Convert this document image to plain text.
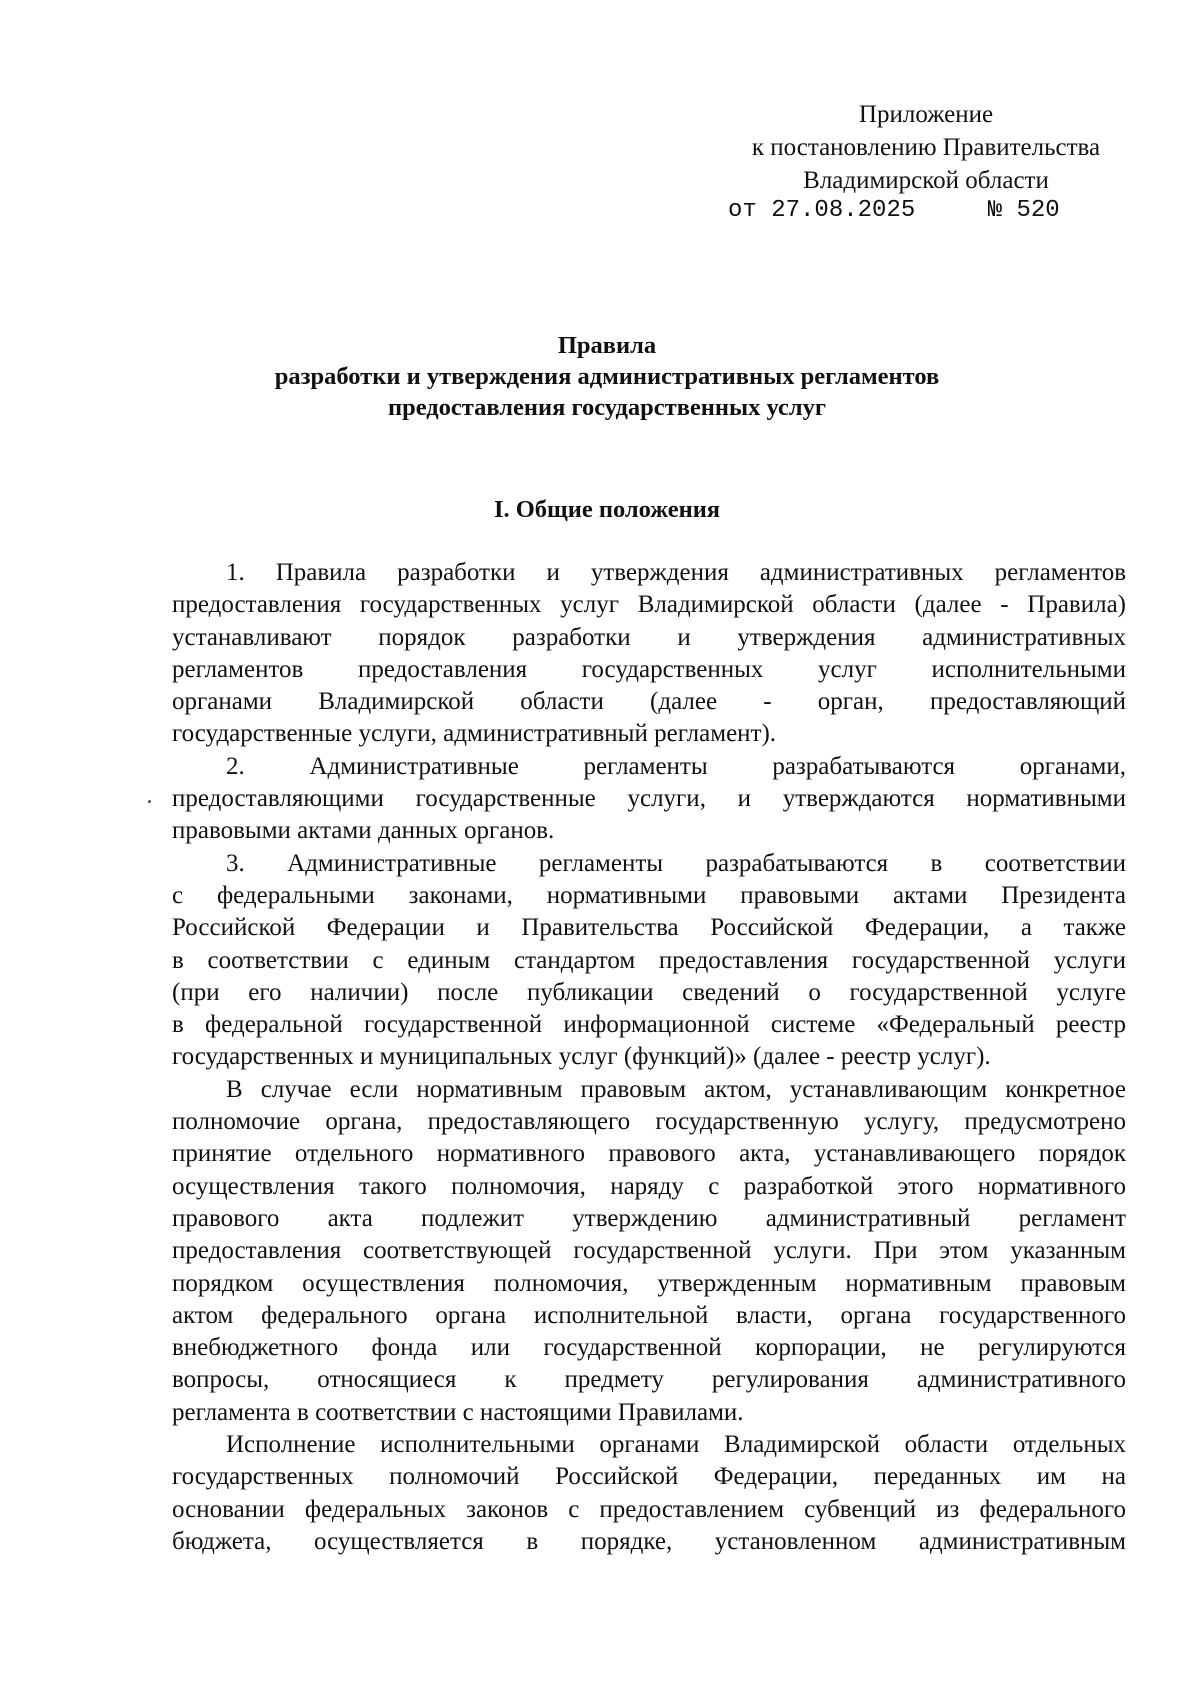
Приложение
к постановлению Правительства
Владимирской области
от 27.08.2025	№ 520
Правила
разработки и утверждения административных регламентов
предоставления государственных услуг
I. Общие положения
1. Правила разработки и утверждения административных регламентов
предоставления государственных услуг Владимирской области (далее - Правила)
устанавливают порядок разработки и утверждения административных
регламентов предоставления государственных услуг исполнительными
органами Владимирской области (далее - орган, предоставляющий
государственные услуги, административный регламент).
2. Административные регламенты разрабатываются органами,
предоставляющими государственные услуги, и утверждаются нормативными
правовыми актами данных органов.
3. Административные регламенты разрабатываются в соответствии
с федеральными законами, нормативными правовыми актами Президента
Российской Федерации и Правительства Российской Федерации, а также
в соответствии с единым стандартом предоставления государственной услуги
(при его наличии) после публикации сведений о государственной услуге
в федеральной государственной информационной системе «Федеральный реестр
государственных и муниципальных услуг (функций)» (далее - реестр услуг).
В случае если нормативным правовым актом, устанавливающим конкретное
полномочие органа, предоставляющего государственную услугу, предусмотрено
принятие отдельного нормативного правового акта, устанавливающего порядок
осуществления такого полномочия, наряду с разработкой этого нормативного
правового акта подлежит утверждению административный регламент
предоставления соответствующей государственной услуги. При этом указанным
порядком осуществления полномочия, утвержденным нормативным правовым
актом федерального органа исполнительной власти, органа государственного
внебюджетного фонда или государственной корпорации, не регулируются
вопросы, относящиеся к предмету регулирования административного
регламента в соответствии с настоящими Правилами.
Исполнение исполнительными органами Владимирской области отдельных
государственных полномочий Российской Федерации, переданных им на
основании федеральных законов с предоставлением субвенций из федерального
бюджета, осуществляется в порядке, установленном административным
